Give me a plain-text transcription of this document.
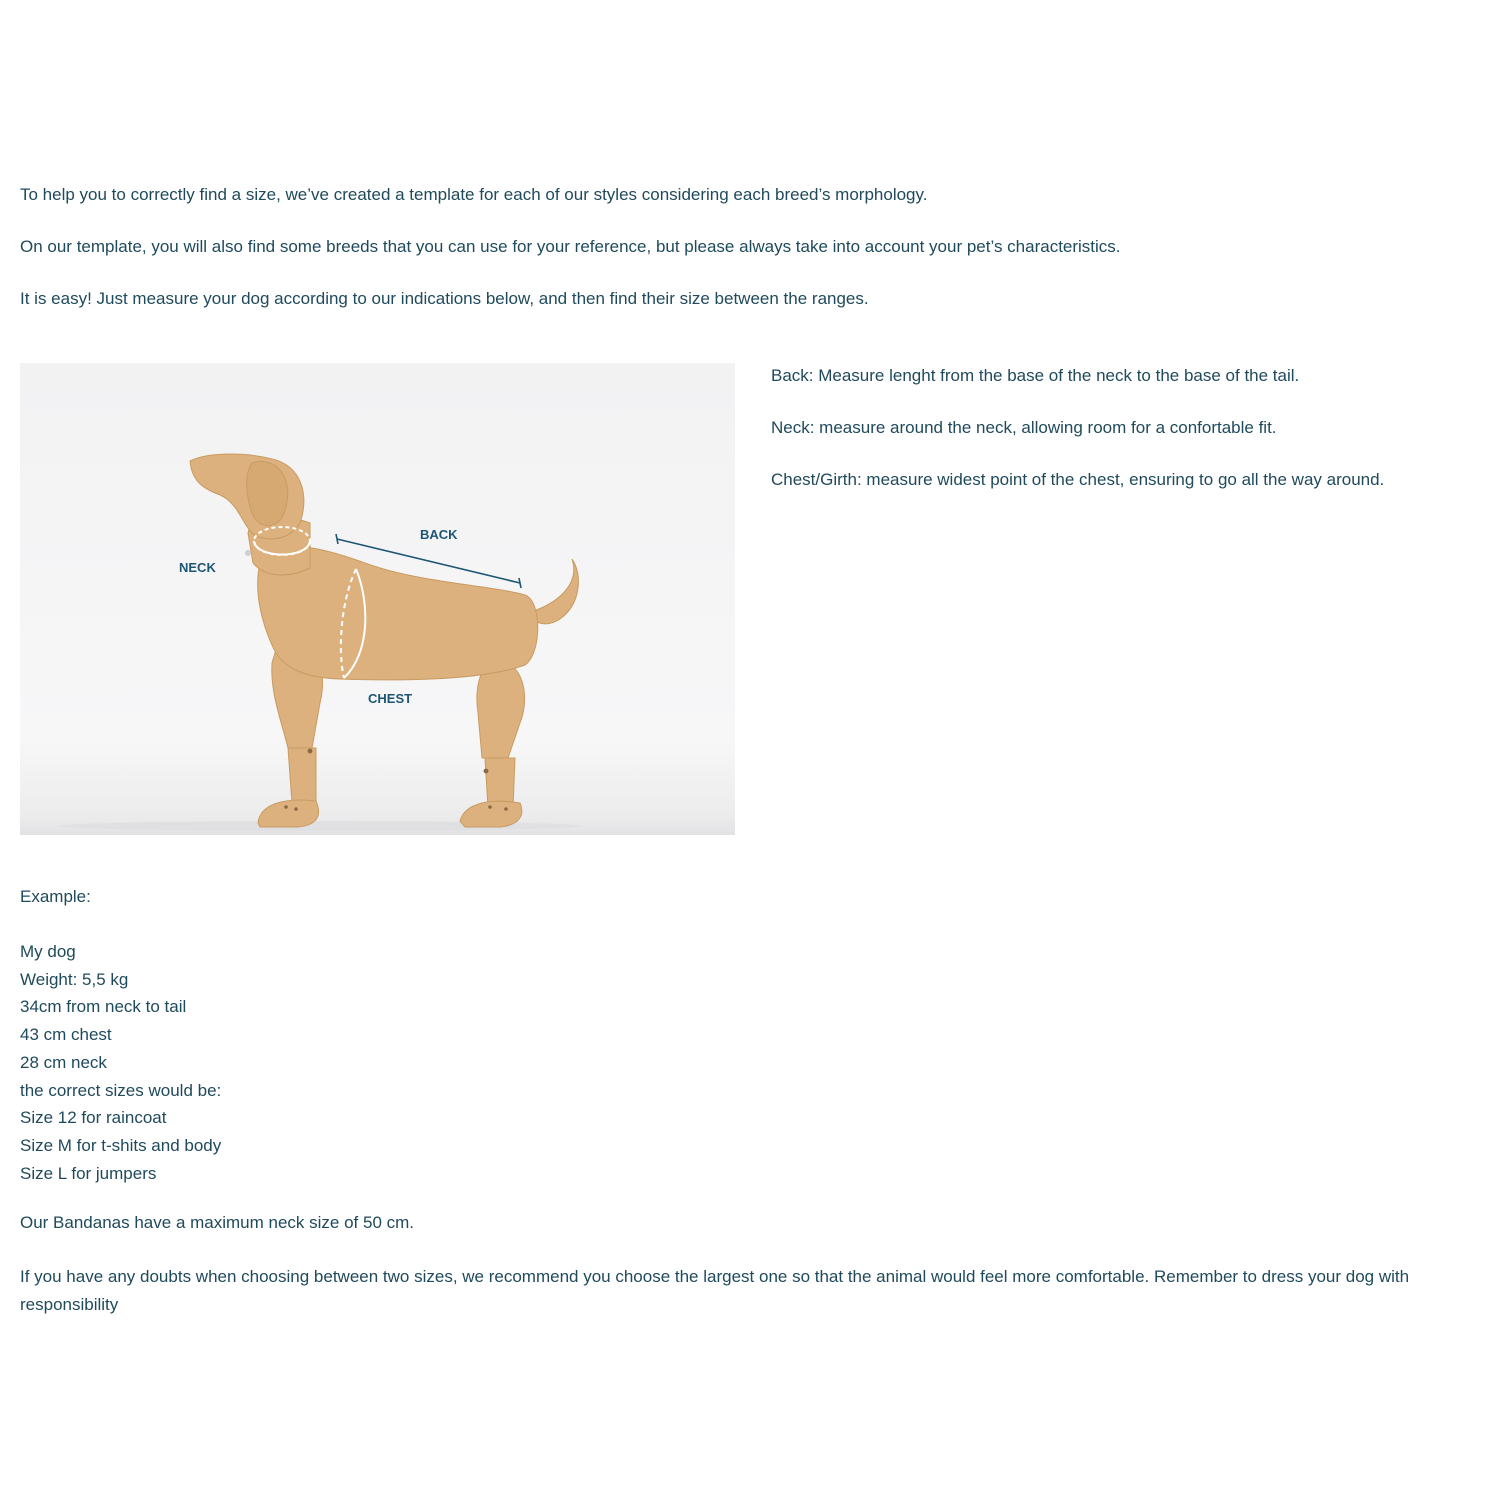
To help you to correctly find a size, we’ve created a template for each of our styles considering each breed’s morphology.

On our template, you will also find some breeds that you can use for your reference, but please always take into account your pet’s characteristics.

It is easy! Just measure your dog according to our indications below, and then find their size between the ranges.

NECK
BACK
CHEST

Back: Measure lenght from the base of the neck to the base of the tail.

Neck: measure around the neck, allowing room for a confortable fit.

Chest/Girth: measure widest point of the chest, ensuring to go all the way around.

Example:

My dog
Weight: 5,5 kg
34cm from neck to tail
43 cm chest
28 cm neck
the correct sizes would be:
Size 12 for raincoat
Size M for t-shits and body
Size L for jumpers

Our Bandanas have a maximum neck size of 50 cm.

If you have any doubts when choosing between two sizes, we recommend you choose the largest one so that the animal would feel more comfortable. Remember to dress your dog with responsibility
